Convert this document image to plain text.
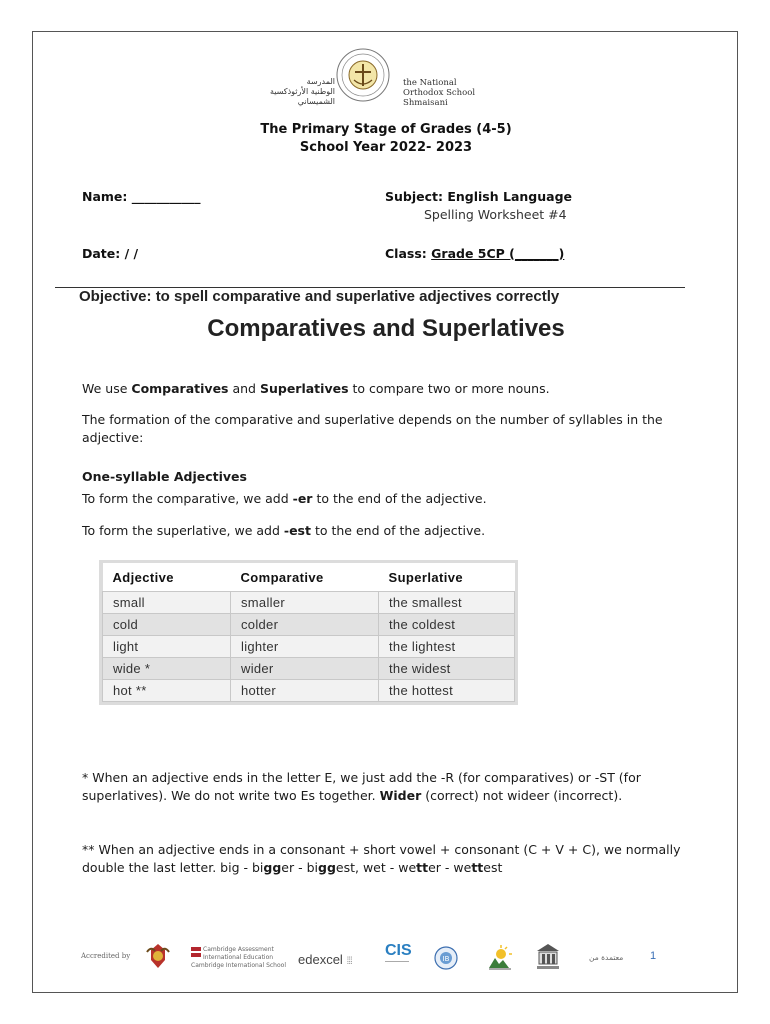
المدرسة
الوطنية الأرثوذكسية
الشميساني
the National
Orthodox School
Shmaisani
The Primary Stage of Grades (4-5)
School Year 2022- 2023
Name: ___________	Subject: English Language
Spelling Worksheet #4
Date: / /	Class: Grade 5CP (_______)
Objective: to spell comparative and superlative adjectives correctly
Comparatives and Superlatives
We use Comparatives and Superlatives to compare two or more nouns.
The formation of the comparative and superlative depends on the number of syllables in the adjective:
One-syllable Adjectives
To form the comparative, we add -er to the end of the adjective.
To form the superlative, we add -est to the end of the adjective.
Adjective	Comparative	Superlative
small	smaller	the smallest
cold	colder	the coldest
light	lighter	the lightest
wide *	wider	the widest
hot **	hotter	the hottest
* When an adjective ends in the letter E, we just add the -R (for comparatives) or -ST (for superlatives). We do not write two Es together. Wider (correct) not wideer (incorrect).
** When an adjective ends in a consonant + short vowel + consonant (C + V + C), we normally double the last letter. big - bigger - biggest, wet - wetter - wettest
Accredited by
Cambridge Assessment
International Education
Cambridge International School edexcel ⁞⁞⁞
CIS	IB	معتمدة من 1
